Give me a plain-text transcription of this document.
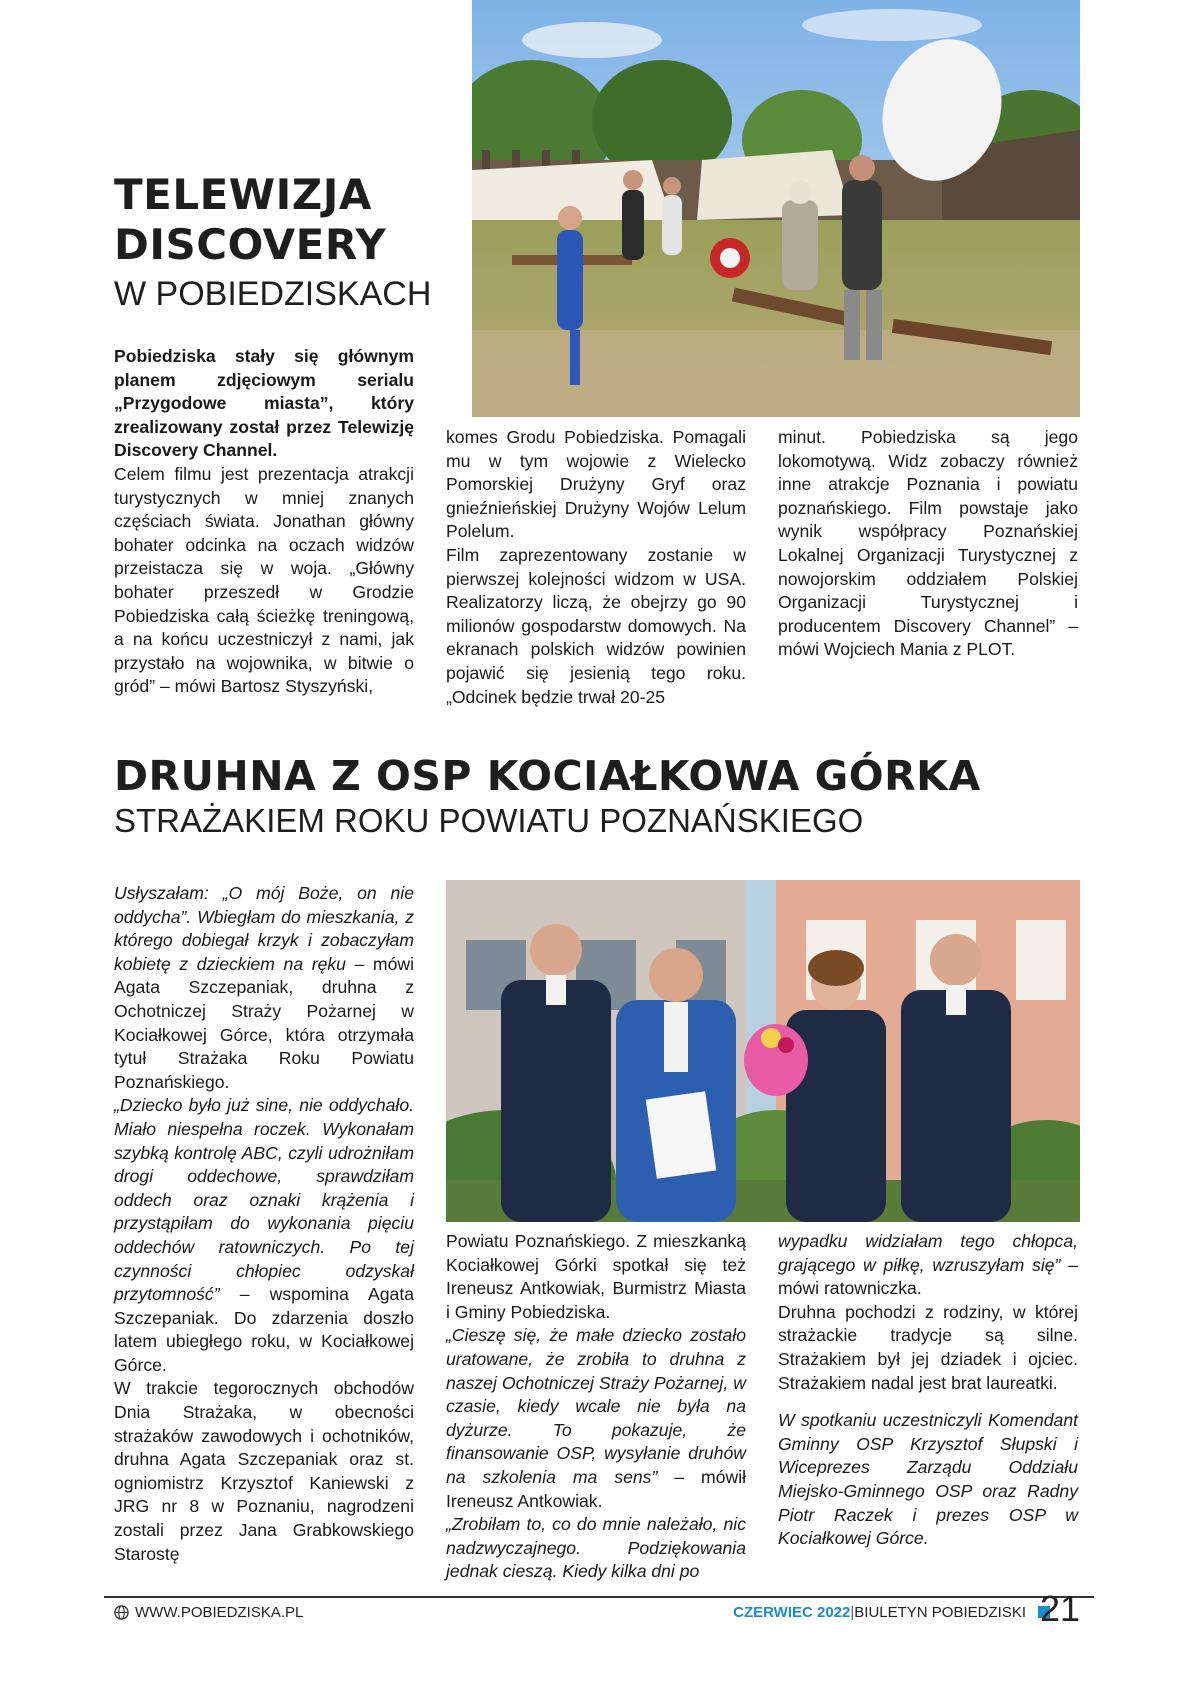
TELEWIZJA
DISCOVERY
W POBIEDZISKACH

Pobiedziska stały się głównym planem zdjęciowym serialu „Przygodowe miasta”, który zrealizowany został przez Telewizję Discovery Channel.

Celem filmu jest prezentacja atrakcji turystycznych w mniej znanych częściach świata. Jonathan główny bohater odcinka na oczach widzów przeistacza się w woja. „Główny bohater przeszedł w Grodzie Pobiedziska całą ścieżkę treningową, a na końcu uczestniczył z nami, jak przystało na wojownika, w bitwie o gród” – mówi Bartosz Styszyński,

komes Grodu Pobiedziska. Pomagali mu w tym wojowie z Wielecko Pomorskiej Drużyny Gryf oraz gnieźnieńskiej Drużyny Wojów Lelum Polelum.

Film zaprezentowany zostanie w pierwszej kolejności widzom w USA. Realizatorzy liczą, że obejrzy go 90 milionów gospodarstw domowych. Na ekranach polskich widzów powinien pojawić się jesienią tego roku. „Odcinek będzie trwał 20-25

minut. Pobiedziska są jego lokomotywą. Widz zobaczy również inne atrakcje Poznania i powiatu poznańskiego. Film powstaje jako wynik współpracy Poznańskiej Lokalnej Organizacji Turystycznej z nowojorskim oddziałem Polskiej Organizacji Turystycznej i producentem Discovery Channel” – mówi Wojciech Mania z PLOT.

DRUHNA Z OSP KOCIAŁKOWA GÓRKA
STRAŻAKIEM ROKU POWIATU POZNAŃSKIEGO

Usłyszałam: „O mój Boże, on nie oddycha”. Wbiegłam do mieszkania, z którego dobiegał krzyk i zobaczyłam kobietę z dzieckiem na ręku – mówi Agata Szczepaniak, druhna z Ochotniczej Straży Pożarnej w Kociałkowej Górce, która otrzymała tytuł Strażaka Roku Powiatu Poznańskiego.

„Dziecko było już sine, nie oddychało. Miało niespełna roczek. Wykonałam szybką kontrolę ABC, czyli udrożniłam drogi oddechowe, sprawdziłam oddech oraz oznaki krążenia i przystąpiłam do wykonania pięciu oddechów ratowniczych. Po tej czynności chłopiec odzyskał przytomność” – wspomina Agata Szczepaniak. Do zdarzenia doszło latem ubiegłego roku, w Kociałkowej Górce.

W trakcie tegorocznych obchodów Dnia Strażaka, w obecności strażaków zawodowych i ochotników, druhna Agata Szczepaniak oraz st. ogniomistrz Krzysztof Kaniewski z JRG nr 8 w Poznaniu, nagrodzeni zostali przez Jana Grabkowskiego Starostę

Powiatu Poznańskiego. Z mieszkanką Kociałkowej Górki spotkał się też Ireneusz Antkowiak, Burmistrz Miasta i Gminy Pobiedziska.

„Cieszę się, że małe dziecko zostało uratowane, że zrobiła to druhna z naszej Ochotniczej Straży Pożarnej, w czasie, kiedy wcale nie była na dyżurze. To pokazuje, że finansowanie OSP, wysyłanie druhów na szkolenia ma sens” – mówił Ireneusz Antkowiak.

„Zrobiłam to, co do mnie należało, nic nadzwyczajnego. Podziękowania jednak cieszą. Kiedy kilka dni po

wypadku widziałam tego chłopca, grającego w piłkę, wzruszyłam się” – mówi ratowniczka.

Druhna pochodzi z rodziny, w której strażackie tradycje są silne. Strażakiem był jej dziadek i ojciec. Strażakiem nadal jest brat laureatki.

W spotkaniu uczestniczyli Komendant Gminny OSP Krzysztof Słupski i Wiceprezes Zarządu Oddziału Miejsko-Gminnego OSP oraz Radny Piotr Raczek i prezes OSP w Kociałkowej Górce.

WWW.POBIEDZISKA.PL	CZERWIEC 2022|BIULETYN POBIEDZISKI 21
